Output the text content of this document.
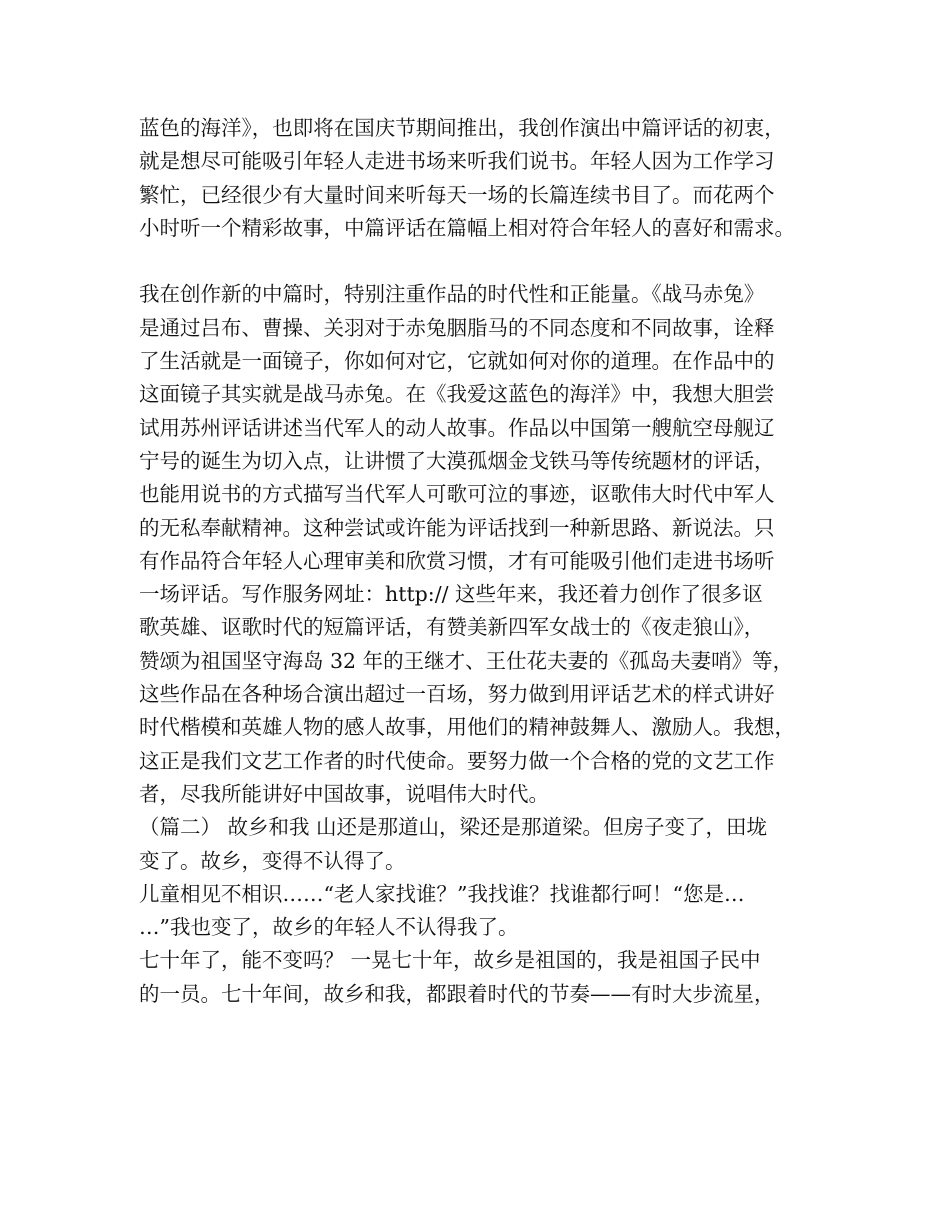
蓝色的海洋》，也即将在国庆节期间推出，我创作演出中篇评话的初衷，
就是想尽可能吸引年轻人走进书场来听我们说书。年轻人因为工作学习
繁忙，已经很少有大量时间来听每天一场的长篇连续书目了。而花两个
小时听一个精彩故事，中篇评话在篇幅上相对符合年轻人的喜好和需求。
我在创作新的中篇时，特别注重作品的时代性和正能量。《战马赤兔》
是通过吕布、曹操、关羽对于赤兔胭脂马的不同态度和不同故事，诠释
了生活就是一面镜子，你如何对它，它就如何对你的道理。在作品中的
这面镜子其实就是战马赤兔。在《我爱这蓝色的海洋》中，我想大胆尝
试用苏州评话讲述当代军人的动人故事。作品以中国第一艘航空母舰辽
宁号的诞生为切入点，让讲惯了大漠孤烟金戈铁马等传统题材的评话，
也能用说书的方式描写当代军人可歌可泣的事迹，讴歌伟大时代中军人
的无私奉献精神。这种尝试或许能为评话找到一种新思路、新说法。只
有作品符合年轻人心理审美和欣赏习惯，才有可能吸引他们走进书场听
一场评话。写作服务网址：http:// 这些年来，我还着力创作了很多讴
歌英雄、讴歌时代的短篇评话，有赞美新四军女战士的《夜走狼山》，
赞颂为祖国坚守海岛 32 年的王继才、王仕花夫妻的《孤岛夫妻哨》等，
这些作品在各种场合演出超过一百场，努力做到用评话艺术的样式讲好
时代楷模和英雄人物的感人故事，用他们的精神鼓舞人、激励人。我想，
这正是我们文艺工作者的时代使命。要努力做一个合格的党的文艺工作
者，尽我所能讲好中国故事，说唱伟大时代。
（篇二） 故乡和我 山还是那道山，梁还是那道梁。但房子变了，田垅
变了。故乡，变得不认得了。
儿童相见不相识……“老人家找谁？”我找谁？找谁都行呵！“您是…
…”我也变了，故乡的年轻人不认得我了。
七十年了，能不变吗？ 一晃七十年，故乡是祖国的，我是祖国子民中
的一员。七十年间，故乡和我，都跟着时代的节奏——有时大步流星，
